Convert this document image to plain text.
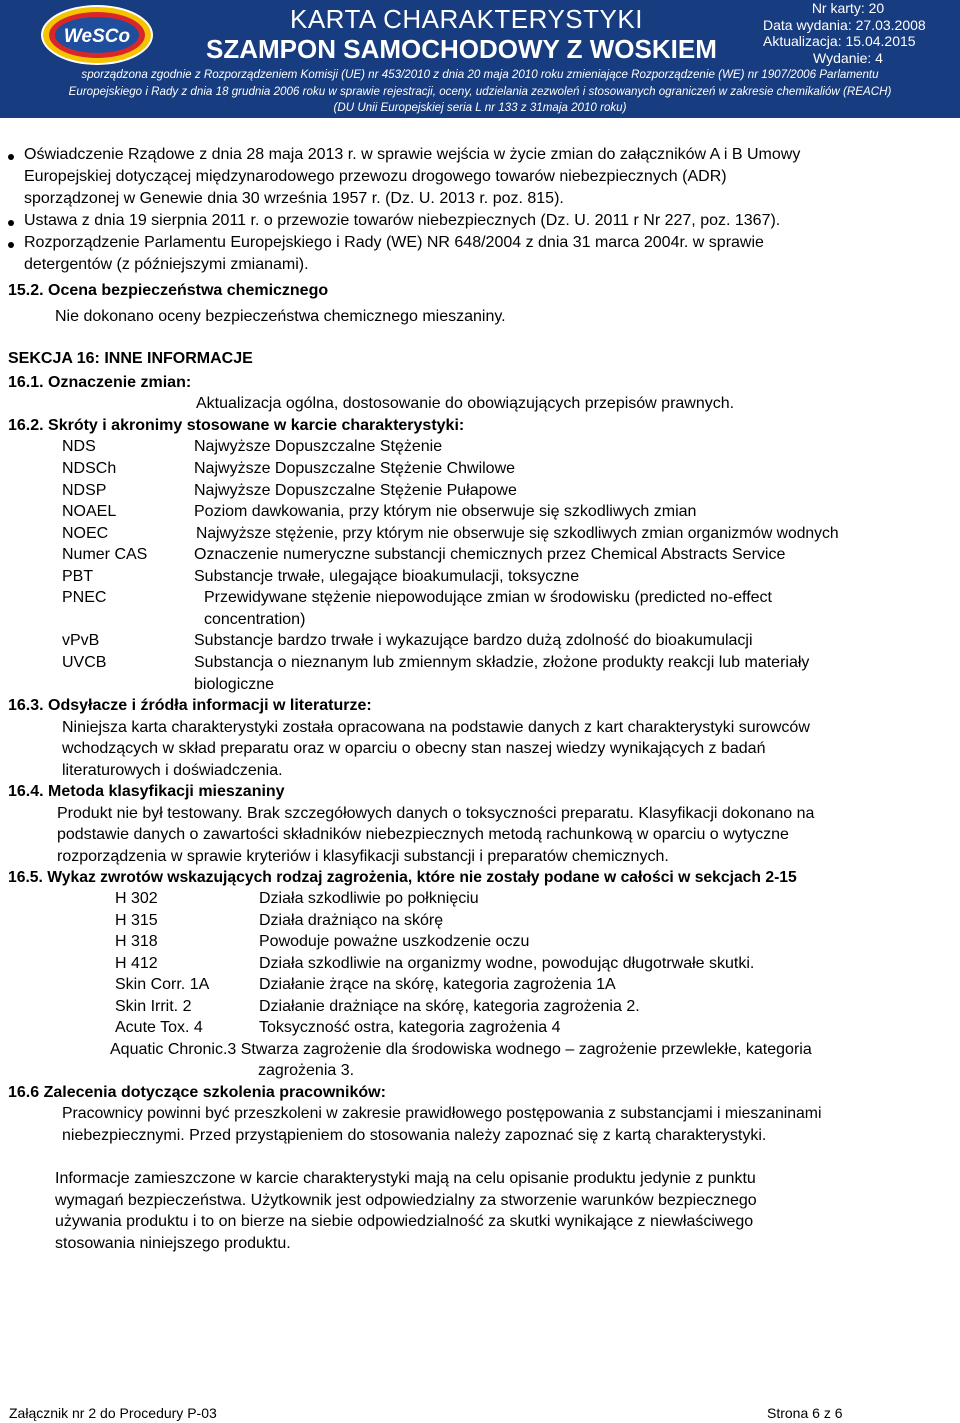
WeSCo
KARTA CHARAKTERYSTYKI
SZAMPON SAMOCHODOWY Z WOSKIEM
Nr karty: 20
Data wydania: 27.03.2008
Aktualizacja: 15.04.2015
Wydanie: 4
sporządzona zgodnie z Rozporządzeniem Komisji (UE) nr 453/2010 z dnia 20 maja 2010 roku zmieniające Rozporządzenie (WE) nr 1907/2006 Parlamentu
Europejskiego i Rady z dnia 18 grudnia 2006 roku w sprawie rejestracji, oceny, udzielania zezwoleń i stosowanych ograniczeń w zakresie chemikaliów (REACH)
(DU Unii Europejskiej seria L nr 133 z 31maja 2010 roku)
Oświadczenie Rządowe z dnia 28 maja 2013 r. w sprawie wejścia w życie zmian do załączników A i B Umowy
Europejskiej dotyczącej międzynarodowego przewozu drogowego towarów niebezpiecznych (ADR)
sporządzonej w Genewie dnia 30 września 1957 r. (Dz. U. 2013 r. poz. 815).
Ustawa z dnia 19 sierpnia 2011 r. o przewozie towarów niebezpiecznych (Dz. U. 2011 r Nr 227, poz. 1367).
Rozporządzenie Parlamentu Europejskiego i Rady (WE) NR 648/2004 z dnia 31 marca 2004r. w sprawie
detergentów (z późniejszymi zmianami).
15.2. Ocena bezpieczeństwa chemicznego
Nie dokonano oceny bezpieczeństwa chemicznego mieszaniny.
SEKCJA 16: INNE INFORMACJE
16.1. Oznaczenie zmian:
Aktualizacja ogólna, dostosowanie do obowiązujących przepisów prawnych.
16.2. Skróty i akronimy stosowane w karcie charakterystyki:
NDS	Najwyższe Dopuszczalne Stężenie
NDSCh	Najwyższe Dopuszczalne Stężenie Chwilowe
NDSP	Najwyższe Dopuszczalne Stężenie Pułapowe
NOAEL	Poziom dawkowania, przy którym nie obserwuje się szkodliwych zmian
NOEC	Najwyższe stężenie, przy którym nie obserwuje się szkodliwych zmian organizmów wodnych
Numer CAS	Oznaczenie numeryczne substancji chemicznych przez Chemical Abstracts Service
PBT	Substancje trwałe, ulegające bioakumulacji, toksyczne
PNEC	Przewidywane stężenie niepowodujące zmian w środowisku (predicted no-effect
concentration)
vPvB	Substancje bardzo trwałe i wykazujące bardzo dużą zdolność do bioakumulacji
UVCB	Substancja o nieznanym lub zmiennym składzie, złożone produkty reakcji lub materiały
biologiczne
16.3. Odsyłacze i źródła informacji w literaturze:
Niniejsza karta charakterystyki została opracowana na podstawie danych z kart charakterystyki surowców
wchodzących w skład preparatu oraz w oparciu o obecny stan naszej wiedzy wynikających z badań
literaturowych i doświadczenia.
16.4. Metoda klasyfikacji mieszaniny
Produkt nie był testowany. Brak szczegółowych danych o toksyczności preparatu. Klasyfikacji dokonano na
podstawie danych o zawartości składników niebezpiecznych metodą rachunkową w oparciu o wytyczne
rozporządzenia w sprawie kryteriów i klasyfikacji substancji i preparatów chemicznych.
16.5. Wykaz zwrotów wskazujących rodzaj zagrożenia, które nie zostały podane w całości w sekcjach 2-15
H 302	Działa szkodliwie po połknięciu
H 315	Działa drażniąco na skórę
H 318	Powoduje poważne uszkodzenie oczu
H 412	Działa szkodliwie na organizmy wodne, powodując długotrwałe skutki.
Skin Corr. 1A	Działanie żrące na skórę, kategoria zagrożenia 1A
Skin Irrit. 2	Działanie drażniące na skórę, kategoria zagrożenia 2.
Acute Tox. 4	Toksyczność ostra, kategoria zagrożenia 4
Aquatic Chronic.3 Stwarza zagrożenie dla środowiska wodnego – zagrożenie przewlekłe, kategoria
zagrożenia 3.
16.6 Zalecenia dotyczące szkolenia pracowników:
Pracownicy powinni być przeszkoleni w zakresie prawidłowego postępowania z substancjami i mieszaninami
niebezpiecznymi. Przed przystąpieniem do stosowania należy zapoznać się z kartą charakterystyki.
Informacje zamieszczone w karcie charakterystyki mają na celu opisanie produktu jedynie z punktu
wymagań bezpieczeństwa. Użytkownik jest odpowiedzialny za stworzenie warunków bezpiecznego
używania produktu i to on bierze na siebie odpowiedzialność za skutki wynikające z niewłaściwego
stosowania niniejszego produktu.
Załącznik nr 2 do Procedury P-03	Strona 6 z 6
